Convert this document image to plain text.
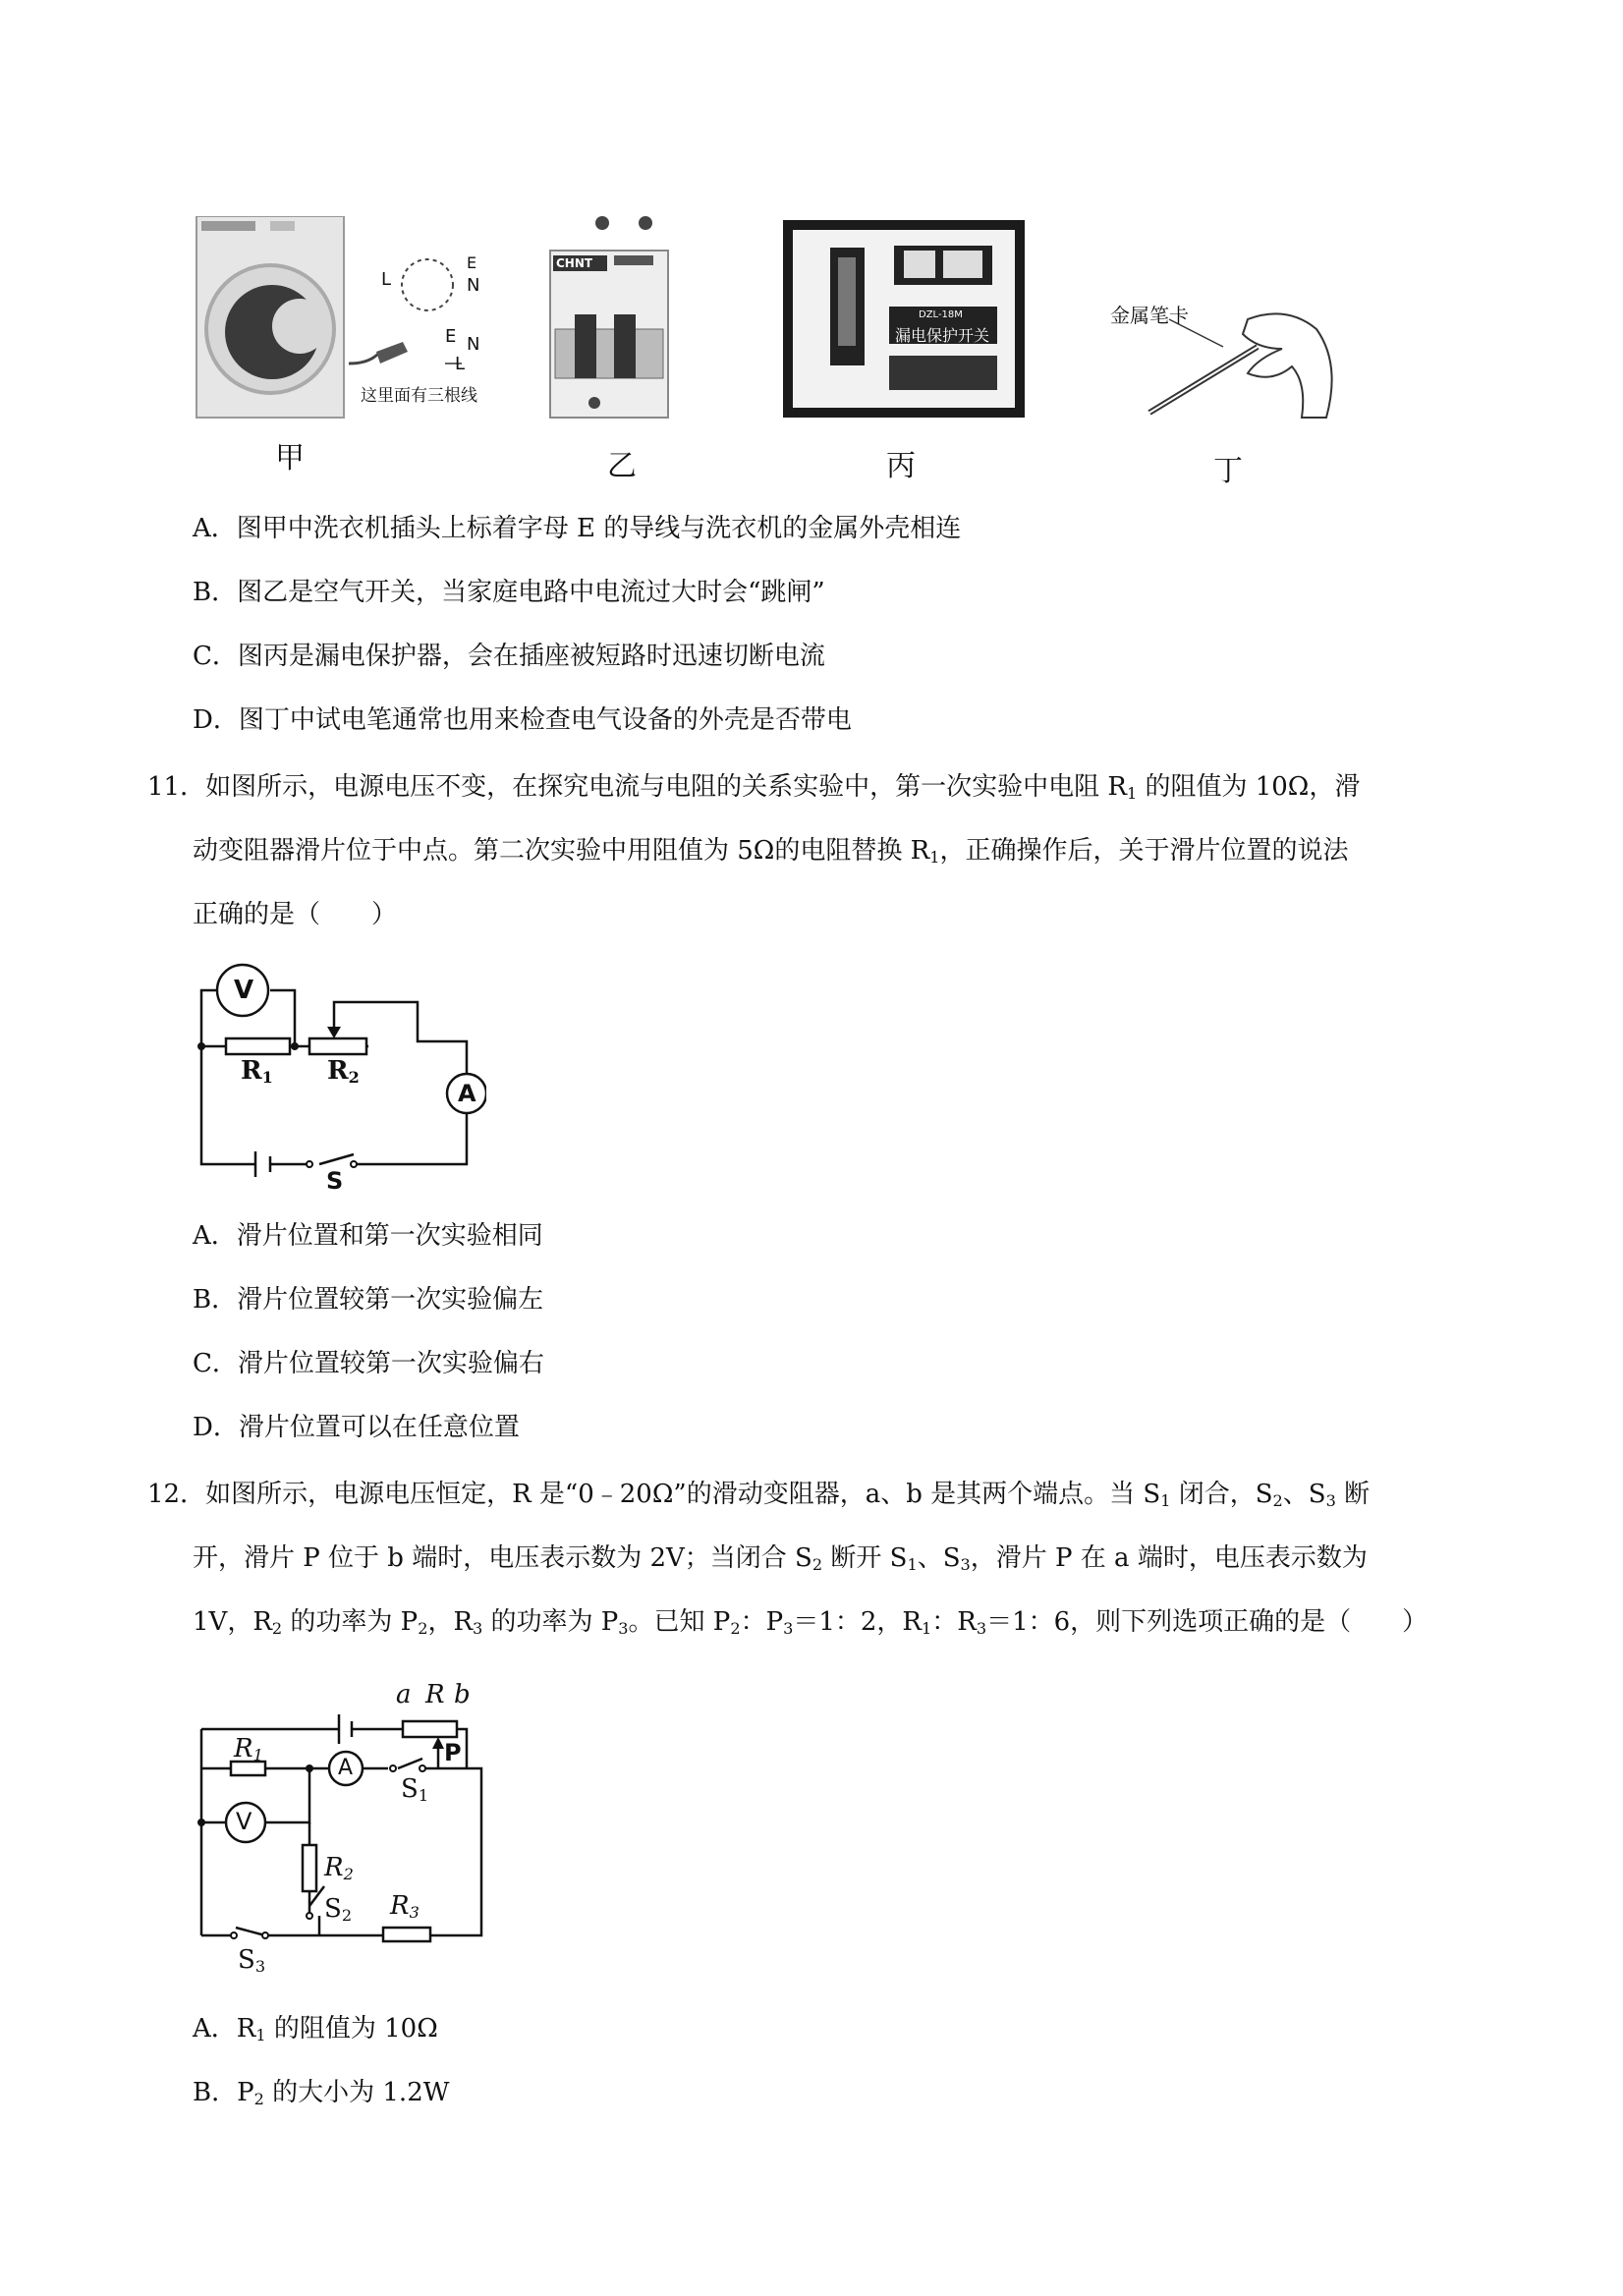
L
E
N
E N
L
这里面有三根线
甲
CHNT
乙
DZL-18M
漏电保护开关
丙
金属笔卡
丁
A．图甲中洗衣机插头上标着字母 E 的导线与洗衣机的金属外壳相连
B．图乙是空气开关，当家庭电路中电流过大时会“跳闸”
C．图丙是漏电保护器，会在插座被短路时迅速切断电流
D．图丁中试电笔通常也用来检查电气设备的外壳是否带电
11．如图所示，电源电压不变，在探究电流与电阻的关系实验中，第一次实验中电阻 $R_1$ 的阻值为 10Ω，滑
动变阻器滑片位于中点。第二次实验中用阻值为 5Ω的电阻替换 $R_1$，正确操作后，关于滑片位置的说法
正确的是（　　）
V
A
$R_1$ $R_2$
S
A．滑片位置和第一次实验相同
B．滑片位置较第一次实验偏左
C．滑片位置较第一次实验偏右
D．滑片位置可以在任意位置
12．如图所示，电源电压恒定，R 是“0﹣20Ω”的滑动变阻器，a、b 是其两个端点。当 $S_1$ 闭合，$S_2$、$S_3$ 断
开，滑片 P 位于 b 端时，电压表示数为 2V；当闭合 $S_2$ 断开 $S_1$、$S_3$，滑片 P 在 a 端时，电压表示数为
1V，$R_2$ 的功率为 $P_2$，$R_3$ 的功率为 $P_3$。已知 $P_2$：$P_3=1$：2，$R_1$：$R_3=1$：6，则下列选项正确的是（　　）
a R b
P
$R_1$
A
$S_1$
V
$R_2$
$S_2$ $R_3$
$S_3$
A．$R_1$ 的阻值为 10Ω
B．$P_2$ 的大小为 1.2W
